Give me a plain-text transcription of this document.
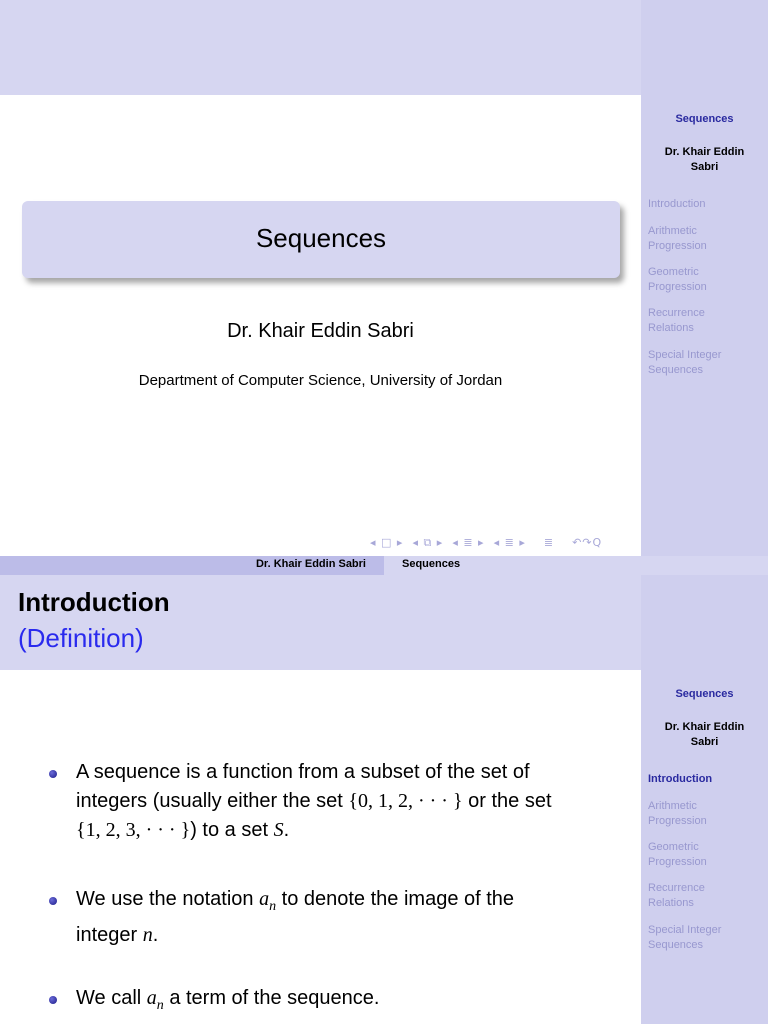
Sequences
Dr. Khair Eddin
Sabri
Introduction
Arithmetic
Progression
Geometric
Progression
Recurrence
Relations
Special Integer
Sequences
Sequences
Dr. Khair Eddin Sabri
Department of Computer Science, University of Jordan
◂ □ ▸ ◂ ⧉ ▸ ◂ ≣ ▸ ◂ ≣ ▸ ≣ ↶↷Q
Dr. Khair Eddin Sabri	Sequences
Introduction
(Definition)
Sequences
Dr. Khair Eddin
Sabri
Introduction
Arithmetic
Progression
Geometric
Progression
Recurrence
Relations
Special Integer
Sequences
A sequence is a function from a subset of the set of
integers (usually either the set {0, 1, 2, · · · } or the set
{1, 2, 3, · · · }) to a set S.
We use the notation $a_n$ to denote the image of the
integer n.
We call $a_n$ a term of the sequence.
